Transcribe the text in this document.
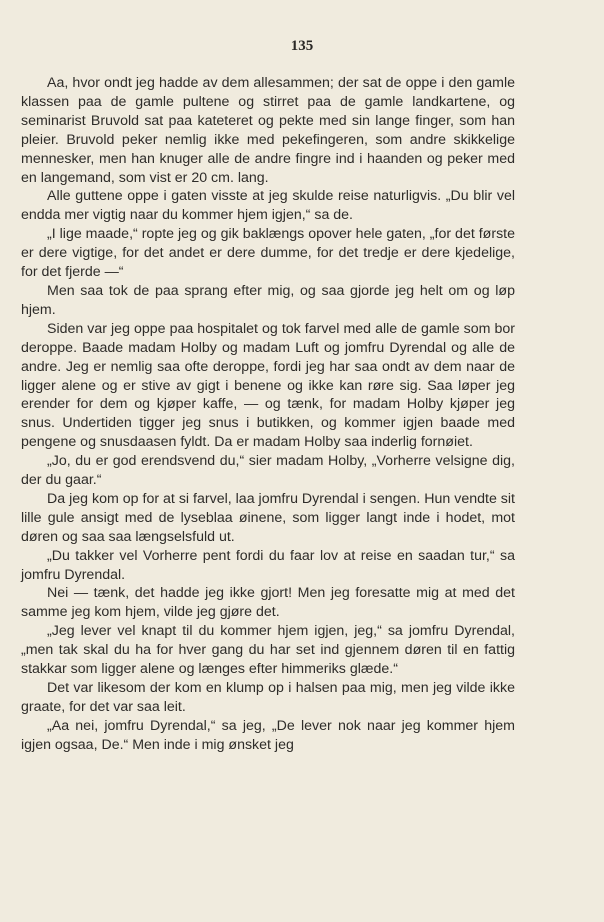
135

Aa, hvor ondt jeg hadde av dem allesammen; der sat de oppe i den gamle klassen paa de gamle pultene og stirret paa de gamle landkartene, og seminarist Bruvold sat paa kateteret og pekte med sin lange finger, som han pleier. Bruvold peker nemlig ikke med pekefingeren, som andre skikkelige mennesker, men han knuger alle de andre fingre ind i haanden og peker med en langemand, som vist er 20 cm. lang.

Alle guttene oppe i gaten visste at jeg skulde reise naturligvis. „Du blir vel endda mer vigtig naar du kommer hjem igjen,“ sa de.

„I lige maade,“ ropte jeg og gik baklængs opover hele gaten, „for det første er dere vigtige, for det andet er dere dumme, for det tredje er dere kjedelige, for det fjerde —“

Men saa tok de paa sprang efter mig, og saa gjorde jeg helt om og løp hjem.

Siden var jeg oppe paa hospitalet og tok farvel med alle de gamle som bor deroppe. Baade madam Holby og madam Luft og jomfru Dyrendal og alle de andre. Jeg er nemlig saa ofte deroppe, fordi jeg har saa ondt av dem naar de ligger alene og er stive av gigt i benene og ikke kan røre sig. Saa løper jeg erender for dem og kjøper kaffe, — og tænk, for madam Holby kjøper jeg snus. Undertiden tigger jeg snus i butikken, og kommer igjen baade med pengene og snusdaasen fyldt. Da er madam Holby saa inderlig fornøiet.

„Jo, du er god erendsvend du,“ sier madam Holby, „Vorherre velsigne dig, der du gaar.“

Da jeg kom op for at si farvel, laa jomfru Dyrendal i sengen. Hun vendte sit lille gule ansigt med de lyseblaa øinene, som ligger langt inde i hodet, mot døren og saa saa længselsfuld ut.

„Du takker vel Vorherre pent fordi du faar lov at reise en saadan tur,“ sa jomfru Dyrendal.

Nei — tænk, det hadde jeg ikke gjort! Men jeg foresatte mig at med det samme jeg kom hjem, vilde jeg gjøre det.

„Jeg lever vel knapt til du kommer hjem igjen, jeg,“ sa jomfru Dyrendal, „men tak skal du ha for hver gang du har set ind gjennem døren til en fattig stakkar som ligger alene og længes efter himmeriks glæde.“

Det var likesom der kom en klump op i halsen paa mig, men jeg vilde ikke graate, for det var saa leit.

„Aa nei, jomfru Dyrendal,“ sa jeg, „De lever nok naar jeg kommer hjem igjen ogsaa, De.“ Men inde i mig ønsket jeg
